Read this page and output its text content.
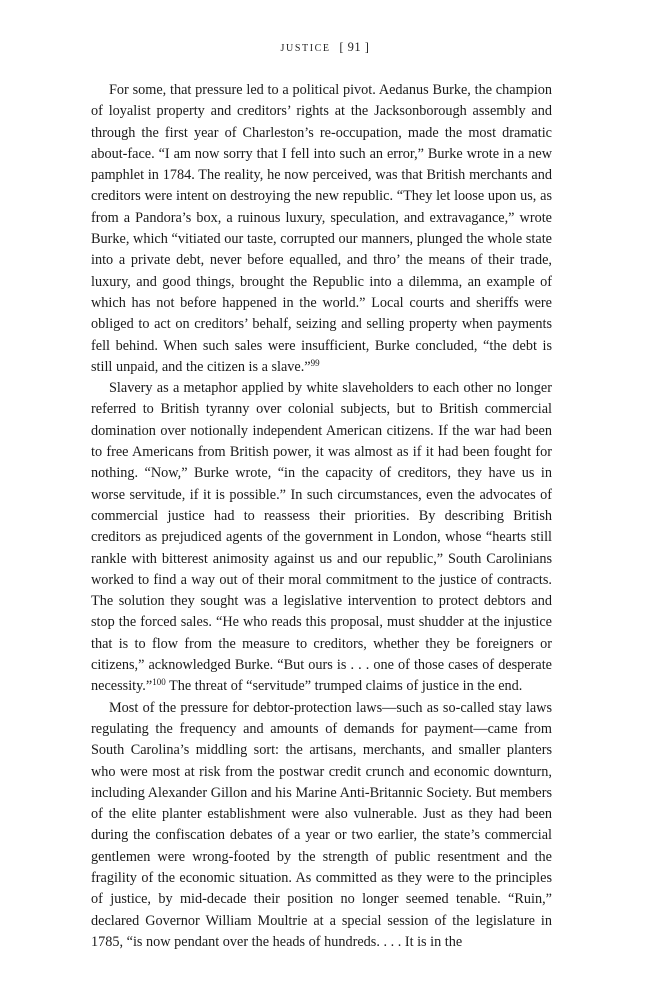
justice [ 91 ]

For some, that pressure led to a political pivot. Aedanus Burke, the champion of loyalist property and creditors’ rights at the Jacksonborough assembly and through the first year of Charleston’s re-occupation, made the most dramatic about-face. “I am now sorry that I fell into such an error,” Burke wrote in a new pamphlet in 1784. The reality, he now perceived, was that British merchants and creditors were intent on destroying the new republic. “They let loose upon us, as from a Pandora’s box, a ruinous luxury, speculation, and extravagance,” wrote Burke, which “vitiated our taste, corrupted our manners, plunged the whole state into a private debt, never before equalled, and thro’ the means of their trade, luxury, and good things, brought the Republic into a dilemma, an example of which has not before happened in the world.” Local courts and sheriffs were obliged to act on creditors’ behalf, seizing and selling property when payments fell behind. When such sales were insufficient, Burke concluded, “the debt is still unpaid, and the citizen is a slave.”$^{99}$

Slavery as a metaphor applied by white slaveholders to each other no longer referred to British tyranny over colonial subjects, but to British commercial domination over notionally independent American citizens. If the war had been to free Americans from British power, it was almost as if it had been fought for nothing. “Now,” Burke wrote, “in the capacity of creditors, they have us in worse servitude, if it is possible.” In such circumstances, even the advocates of commercial justice had to reassess their priorities. By describing British creditors as prejudiced agents of the government in London, whose “hearts still rankle with bitterest animosity against us and our republic,” South Carolinians worked to find a way out of their moral commitment to the justice of contracts. The solution they sought was a legislative intervention to protect debtors and stop the forced sales. “He who reads this proposal, must shudder at the injustice that is to flow from the measure to creditors, whether they be foreigners or citizens,” acknowledged Burke. “But ours is . . . one of those cases of desperate necessity.”$^{100}$ The threat of “servitude” trumped claims of justice in the end.

Most of the pressure for debtor-protection laws—such as so-called stay laws regulating the frequency and amounts of demands for payment—came from South Carolina’s middling sort: the artisans, merchants, and smaller planters who were most at risk from the postwar credit crunch and economic downturn, including Alexander Gillon and his Marine Anti-Britannic Society. But members of the elite planter establishment were also vulnerable. Just as they had been during the confiscation debates of a year or two earlier, the state’s commercial gentlemen were wrong-footed by the strength of public resentment and the fragility of the economic situation. As committed as they were to the principles of justice, by mid-decade their position no longer seemed tenable. “Ruin,” declared Governor William Moultrie at a special session of the legislature in 1785, “is now pendant over the heads of hundreds. . . . It is in the
